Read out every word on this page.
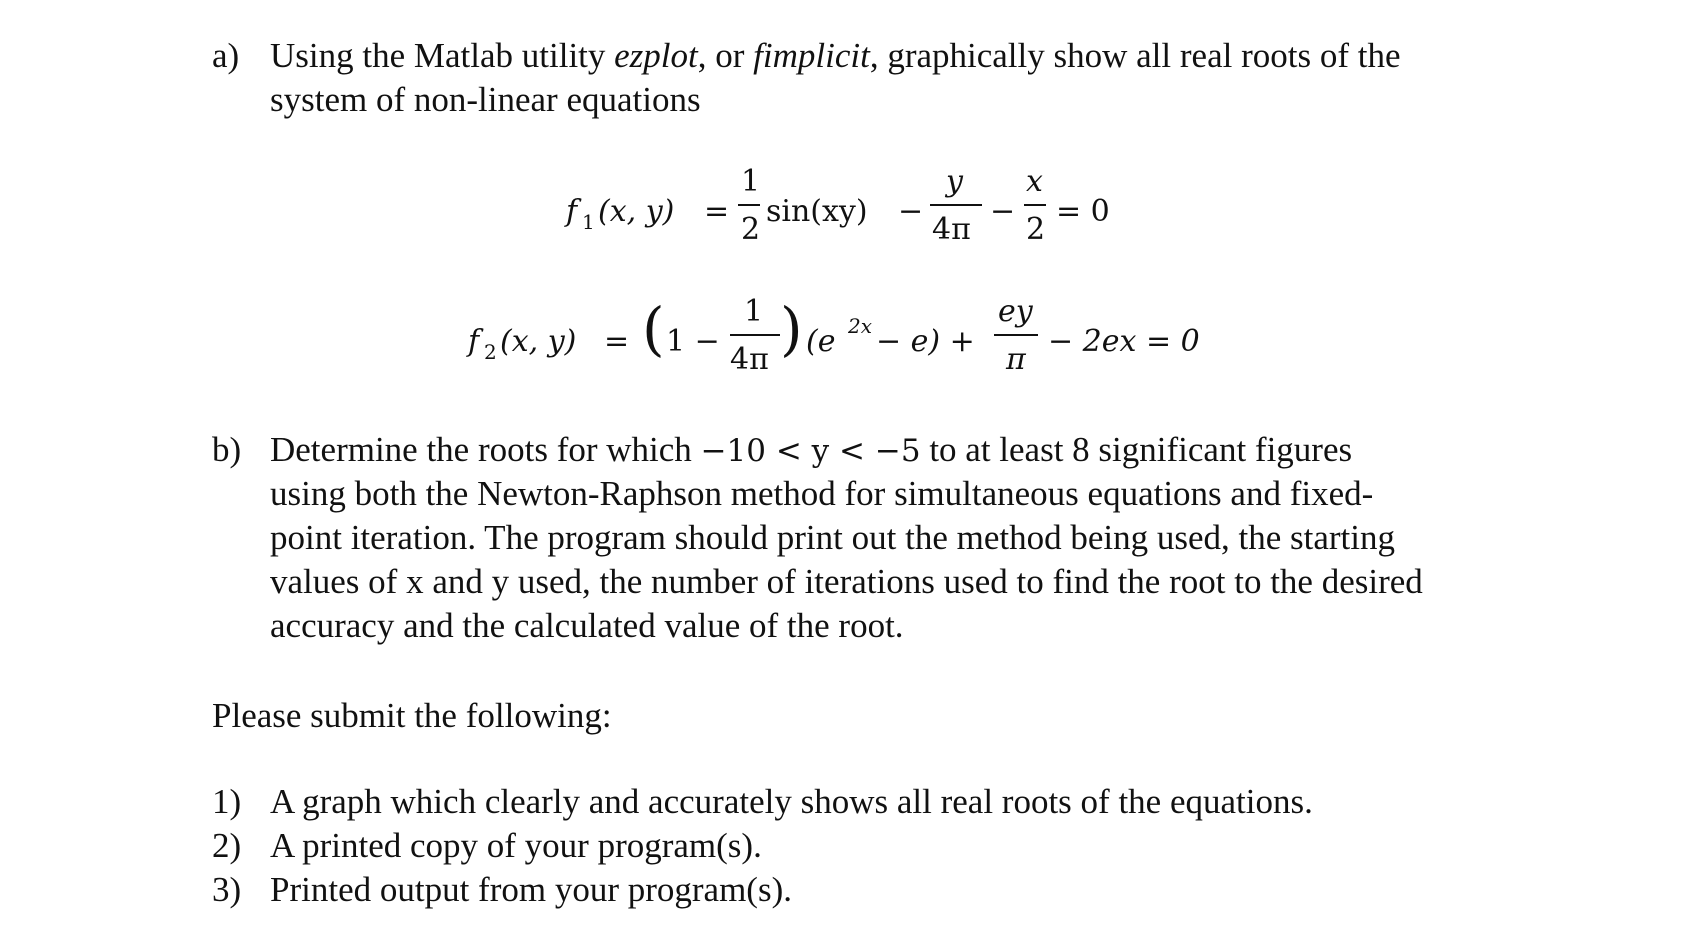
a) Using the Matlab utility ezplot, or fimplicit, graphically show all real roots of the
system of non-linear equations
f 1 (x, y) =
1
2
sin(xy) −
y
4π
−
x
2
= 0
f 2 (x, y) = ( 1 −
1
4π ) (e 2x − e) +
ey
π
− 2ex = 0
b) Determine the roots for which −10 < y < −5 to at least 8 significant figures
using both the Newton-Raphson method for simultaneous equations and fixed-
point iteration. The program should print out the method being used, the starting
values of x and y used, the number of iterations used to find the root to the desired
accuracy and the calculated value of the root.
Please submit the following:
1) A graph which clearly and accurately shows all real roots of the equations.
2) A printed copy of your program(s).
3) Printed output from your program(s).
